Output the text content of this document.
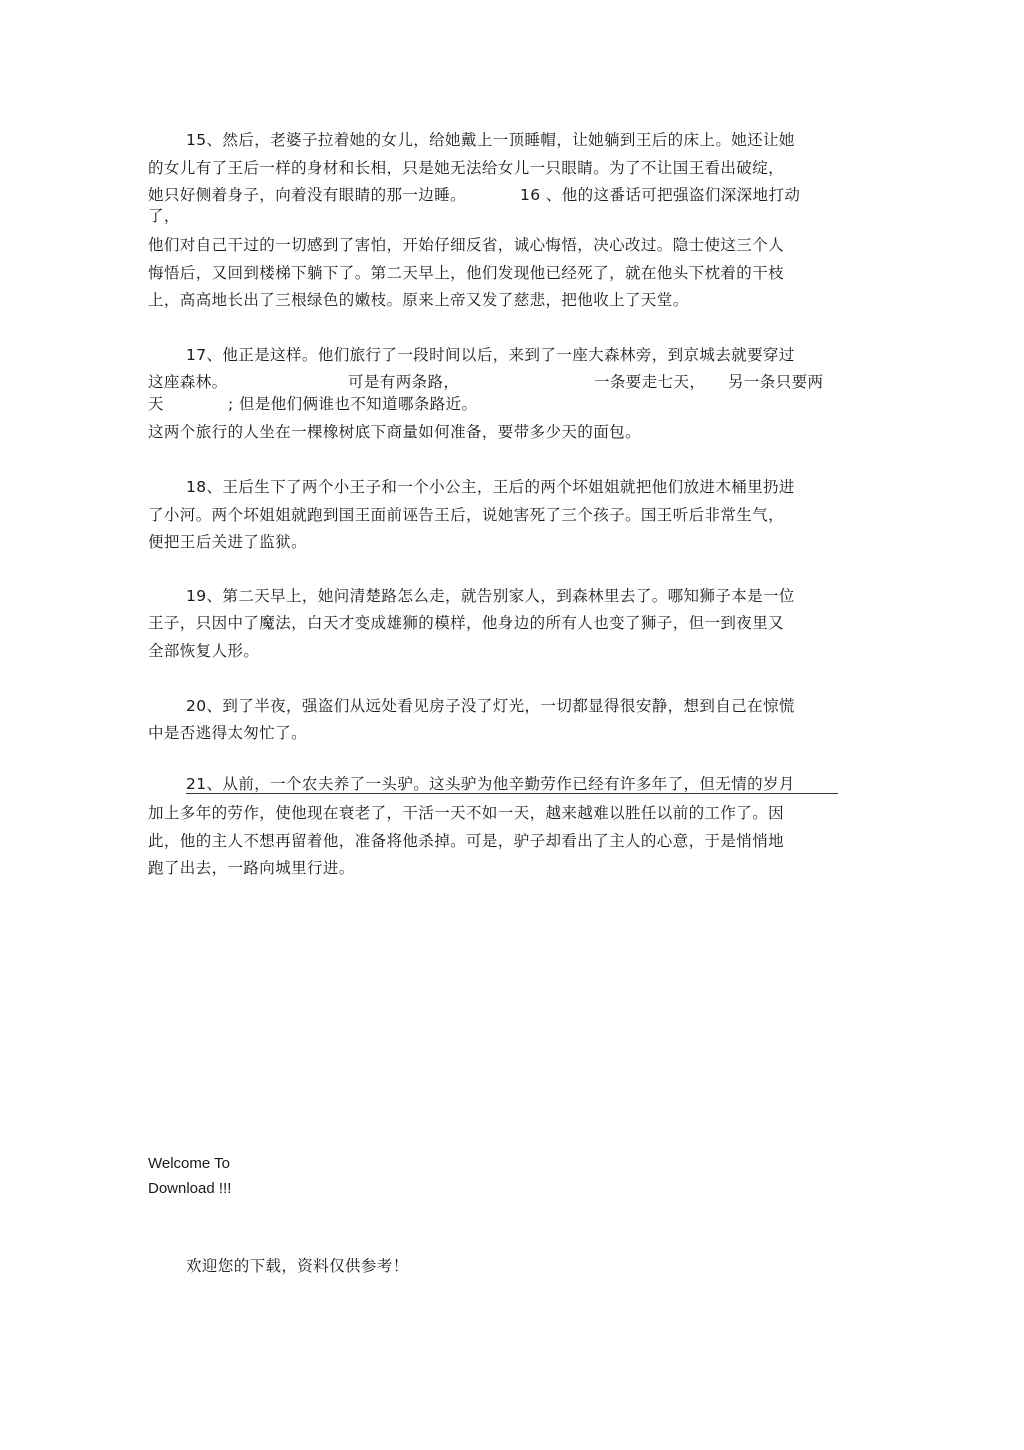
15、然后，老婆子拉着她的女儿，给她戴上一顶睡帽，让她躺到王后的床上。她还让她
的女儿有了王后一样的身材和长相，只是她无法给女儿一只眼睛。为了不让国王看出破绽，
她只好侧着身子，向着没有眼睛的那一边睡。	16 、他的这番话可把强盗们深深地打动
了，
他们对自己干过的一切感到了害怕，开始仔细反省，诚心悔悟，决心改过。隐士使这三个人
悔悟后，又回到楼梯下躺下了。第二天早上，他们发现他已经死了，就在他头下枕着的干枝
上，高高地长出了三根绿色的嫩枝。原来上帝又发了慈悲，把他收上了天堂。
17、他正是这样。他们旅行了一段时间以后，来到了一座大森林旁，到京城去就要穿过
这座森林。	可是有两条路，	一条要走七天， 另一条只要两
天	; 但是他们俩谁也不知道哪条路近。
这两个旅行的人坐在一棵橡树底下商量如何准备，要带多少天的面包。
18、王后生下了两个小王子和一个小公主，王后的两个坏姐姐就把他们放进木桶里扔进
了小河。两个坏姐姐就跑到国王面前诬告王后，说她害死了三个孩子。国王听后非常生气，
便把王后关进了监狱。
19、第二天早上，她问清楚路怎么走，就告别家人，到森林里去了。哪知狮子本是一位
王子，只因中了魔法，白天才变成雄狮的模样，他身边的所有人也变了狮子，但一到夜里又
全部恢复人形。
20、到了半夜，强盗们从远处看见房子没了灯光，一切都显得很安静，想到自己在惊慌
中是否逃得太匆忙了。
21、从前，一个农夫养了一头驴。这头驴为他辛勤劳作已经有许多年了，但无情的岁月
加上多年的劳作，使他现在衰老了，干活一天不如一天，越来越难以胜任以前的工作了。因
此，他的主人不想再留着他，准备将他杀掉。可是，驴子却看出了主人的心意，于是悄悄地
跑了出去，一路向城里行进。
Welcome To
Download !!!
欢迎您的下载，资料仅供参考！
